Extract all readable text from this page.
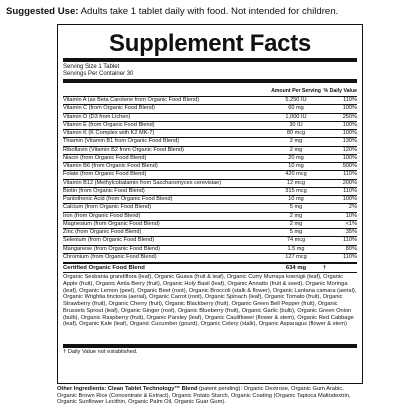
Suggested Use: Adults take 1 tablet daily with food. Not intended for children.
Supplement Facts
Serving Size 1 Tablet
Servings Per Container 30
Amount Per Serving % Daily Value
Vitamin A (as Beta Carotene from Organic Food Blend)	5,250 IU	110%
Vitamin C (from Organic Food Blend)	60 mg	100%
Vitamin D (D3 from Lichen)	1,000 IU	250%
Vitamin E (from Organic Food Blend)	30 IU	100%
Vitamin K (K Complex with K2 MK-7)	80 mcg	100%
Thiamin (Vitamin B1 from Organic Food Blend)	2 mg	130%
Riboflavin (Vitamin B2 from Organic Food Blend)	2 mg	120%
Niacin (from Organic Food Blend)	20 mg	100%
Vitamin B6 (from Organic Food Blend)	10 mg	500%
Folate (from Organic Food Blend)	420 mcg	110%
Vitamin B12 (Methylcobalamin from Saccharomyces cerevisiae)	12 mcg	200%
Biotin (from Organic Food Blend)	315 mcg	110%
Pantothenic Acid (from Organic Food Blend)	10 mg	100%
Calcium (from Organic Food Blend)	5 mg	2%
Iron (from Organic Food Blend)	2 mg	10%
Magnesium (from Organic Food Blend)	2 mg	<1%
Zinc (from Organic Food Blend)	5 mg	35%
Selenium (from Organic Food Blend)	74 mcg	110%
Manganese (from Organic Food Blend)	1.5 mg	80%
Chromium (from Organic Food Blend)	127 mcg	110%
Certified Organic Food Blend	634 mg	†
Organic Sesbania grandiflora (leaf), Organic Guava (fruit & leaf), Organic Curry Murraya koenigii (leaf), Organic Apple (fruit), Organic Amla Berry (fruit), Organic Holy Basil (leaf), Organic Annatto (fruit & seed), Organic Moringa (leaf), Organic Lemon (peel), Organic Beet (root), Organic Broccoli (stalk & flower), Organic Lantana camara (aerial), Organic Wrightia tinctoria (aerial), Organic Carrot (root), Organic Spinach (leaf), Organic Tomato (fruit), Organic Strawberry (fruit), Organic Cherry (fruit), Organic Blackberry (fruit), Organic Green Bell Pepper (fruit), Organic Brussels Sprout (leaf), Organic Ginger (root), Organic Blueberry (fruit), Organic Garlic (bulb), Organic Green Onion (bulb), Organic Raspberry (fruit), Organic Parsley (leaf), Organic Cauliflower (flower & stem), Organic Red Cabbage (leaf), Organic Kale (leaf), Organic Cucumber (gourd), Organic Celery (stalk), Organic Asparagus (flower & stem)
† Daily Value not established.
Other Ingredients: Clean Tablet Technology™ Blend (patent pending): Organic Dextrose, Organic Gum Arabic, Organic Brown Rice (Concentrate & Extract), Organic Potato Starch, Organic Coating (Organic Tapioca Maltodextrin, Organic Sunflower Lecithin, Organic Palm Oil, Organic Guar Gum).
